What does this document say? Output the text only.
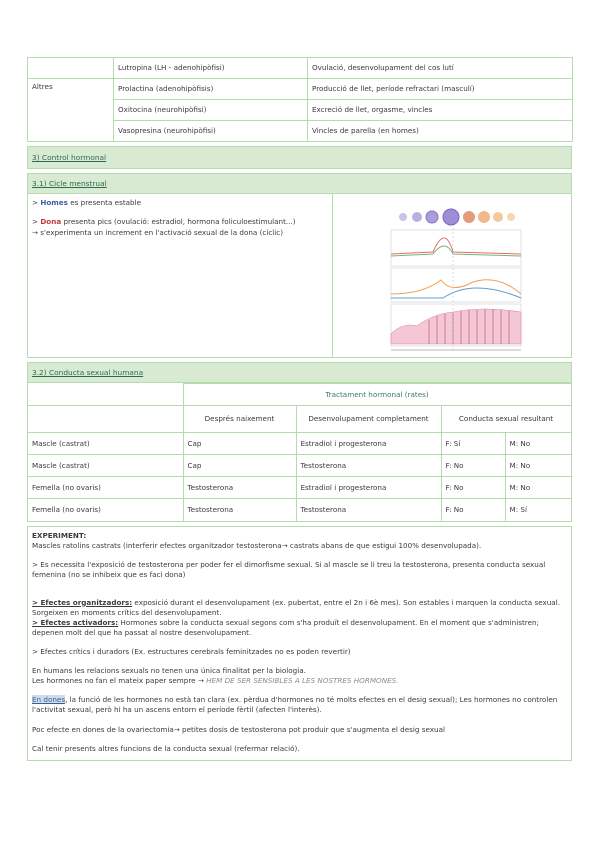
	Lutropina (LH - adenohipòfisi)	Ovulació, desenvolupament del cos lutí
Altres	Prolactina (adenohipòfisis)	Producció de llet, període refractari (masculí)
	Oxitocina (neurohipòfisi)	Excreció de llet, orgasme, vincles
	Vasopresina (neurohipòfisi)	Vincles de parella (en homes)
3) Control hormonal
3.1) Cicle menstrual

> Homes es presenta estable

> Dona presenta pics (ovulació: estradiol, hormona foliculoestimulant...)

→ s'experimenta un increment en l'activació sexual de la dona (cíclic)

3.2) Conducta sexual humana
	Tractament hormonal (rates)			
	Després naixement	Desenvolupament completament	Conducta sexual resultant	
Mascle (castrat)	Cap	Estradiol i progesterona	F: Sí	M: No
Mascle (castrat)	Cap	Testosterona	F: No	M: No
Femella (no ovaris)	Testosterona	Estradiol i progesterona	F: No	M: No
Femella (no ovaris)	Testosterona	Testosterona	F: No	M: Sí

EXPERIMENT:

Mascles ratolins castrats (interferir efectes organitzador testosterona→ castrats abans de que estigui 100% desenvolupada).

> Es necessita l'exposició de testosterona per poder fer el dimorfisme sexual. Si al mascle se li treu la testosterona, presenta conducta sexual femenina (no se inhibeix que es faci dona)

> Efectes organitzadors: exposició durant el desenvolupament (ex. pubertat, entre el 2n i 6è mes). Son estables i marquen la conducta sexual. Sorgeixen en moments crítics del desenvolupament.

> Efectes activadors: Hormones sobre la conducta sexual segons com s'ha produït el desenvolupament. En el moment que s'administren; depenen molt del que ha passat al nostre desenvolupament.

> Efectes crítics i duradors (Ex. estructures cerebrals feminitzades no es poden revertir)

En humans les relacions sexuals no tenen una única finalitat per la biologia.

Les hormones no fan el mateix paper sempre → HEM DE SER SENSIBLES A LES NOSTRES HORMONES.

En dones, la funció de les hormones no està tan clara (ex. pèrdua d'hormones no té molts efectes en el desig sexual); Les hormones no controlen l'activitat sexual, però hi ha un ascens entorn el període fèrtil (afecten l'interès).

Poc efecte en dones de la ovariectomia→ petites dosis de testosterona pot produir que s'augmenta el desig sexual

Cal tenir presents altres funcions de la conducta sexual (refermar relació).
